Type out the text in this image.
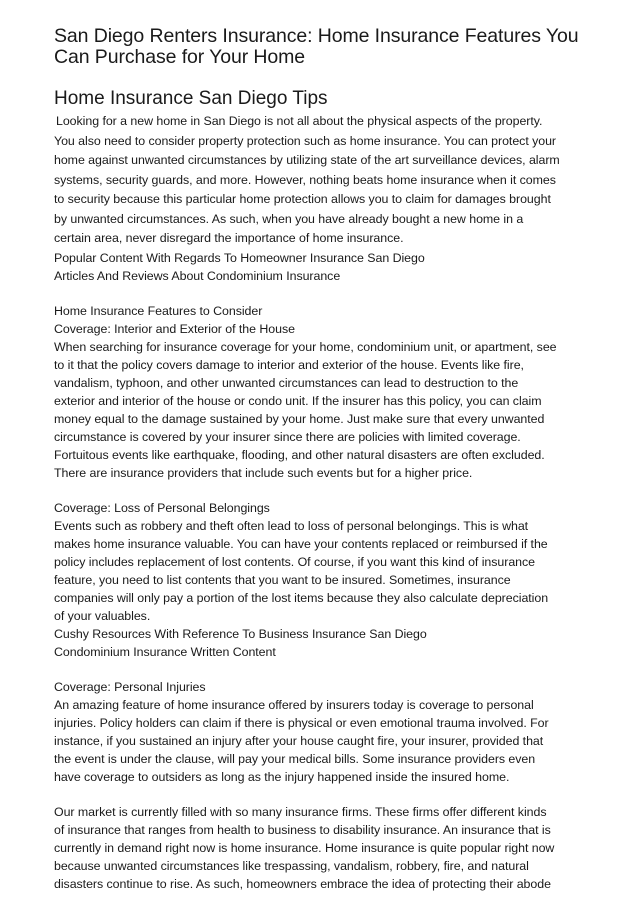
San Diego Renters Insurance: Home Insurance Features You
Can Purchase for Your Home
Home Insurance San Diego Tips

Looking for a new home in San Diego is not all about the physical aspects of the property.
You also need to consider property protection such as home insurance. You can protect your
home against unwanted circumstances by utilizing state of the art surveillance devices, alarm
systems, security guards, and more. However, nothing beats home insurance when it comes
to security because this particular home protection allows you to claim for damages brought
by unwanted circumstances. As such, when you have already bought a new home in a
certain area, never disregard the importance of home insurance.

Popular Content With Regards To Homeowner Insurance San Diego
Articles And Reviews About Condominium Insurance

Home Insurance Features to Consider
Coverage: Interior and Exterior of the House
When searching for insurance coverage for your home, condominium unit, or apartment, see
to it that the policy covers damage to interior and exterior of the house. Events like fire,
vandalism, typhoon, and other unwanted circumstances can lead to destruction to the
exterior and interior of the house or condo unit. If the insurer has this policy, you can claim
money equal to the damage sustained by your home. Just make sure that every unwanted
circumstance is covered by your insurer since there are policies with limited coverage.
Fortuitous events like earthquake, flooding, and other natural disasters are often excluded.
There are insurance providers that include such events but for a higher price.

Coverage: Loss of Personal Belongings
Events such as robbery and theft often lead to loss of personal belongings. This is what
makes home insurance valuable. You can have your contents replaced or reimbursed if the
policy includes replacement of lost contents. Of course, if you want this kind of insurance
feature, you need to list contents that you want to be insured. Sometimes, insurance
companies will only pay a portion of the lost items because they also calculate depreciation
of your valuables.
Cushy Resources With Reference To Business Insurance San Diego
Condominium Insurance Written Content

Coverage: Personal Injuries
An amazing feature of home insurance offered by insurers today is coverage to personal
injuries. Policy holders can claim if there is physical or even emotional trauma involved. For
instance, if you sustained an injury after your house caught fire, your insurer, provided that
the event is under the clause, will pay your medical bills. Some insurance providers even
have coverage to outsiders as long as the injury happened inside the insured home.

Our market is currently filled with so many insurance firms. These firms offer different kinds
of insurance that ranges from health to business to disability insurance. An insurance that is
currently in demand right now is home insurance. Home insurance is quite popular right now
because unwanted circumstances like trespassing, vandalism, robbery, fire, and natural
disasters continue to rise. As such, homeowners embrace the idea of protecting their abode
